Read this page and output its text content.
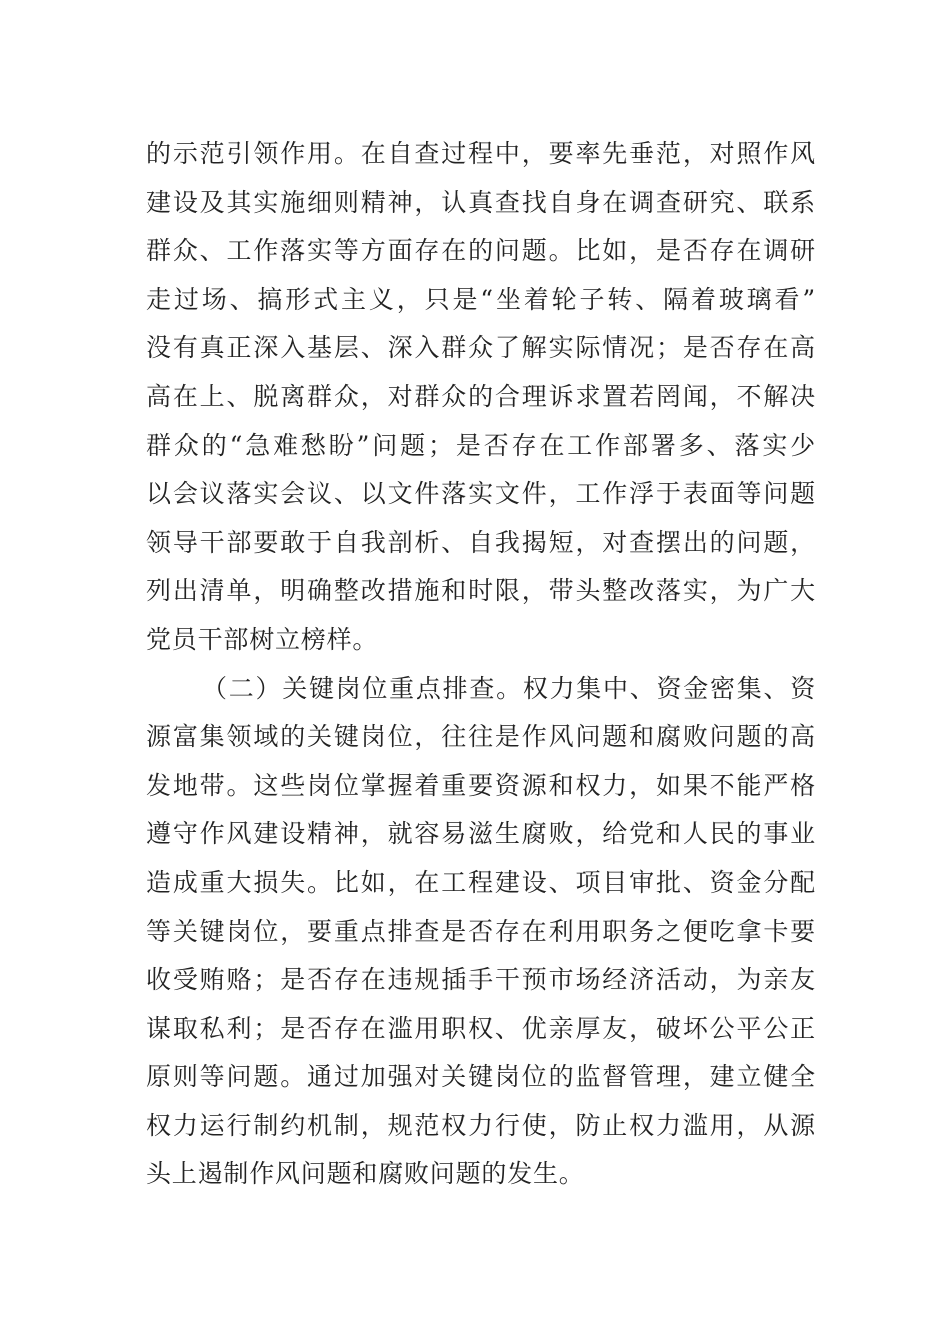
的示范引领作用。在自查过程中，要率先垂范，对照作风
建设及其实施细则精神，认真查找自身在调查研究、联系
群众、工作落实等方面存在的问题。比如，是否存在调研
走过场、搞形式主义，只是“坐着轮子转、隔着玻璃看”
没有真正深入基层、深入群众了解实际情况；是否存在高
高在上、脱离群众，对群众的合理诉求置若罔闻，不解决
群众的“急难愁盼”问题；是否存在工作部署多、落实少
以会议落实会议、以文件落实文件，工作浮于表面等问题
领导干部要敢于自我剖析、自我揭短，对查摆出的问题，
列出清单，明确整改措施和时限，带头整改落实，为广大
党员干部树立榜样。
（二）关键岗位重点排查。权力集中、资金密集、资
源富集领域的关键岗位，往往是作风问题和腐败问题的高
发地带。这些岗位掌握着重要资源和权力，如果不能严格
遵守作风建设精神，就容易滋生腐败，给党和人民的事业
造成重大损失。比如，在工程建设、项目审批、资金分配
等关键岗位，要重点排查是否存在利用职务之便吃拿卡要
收受贿赂；是否存在违规插手干预市场经济活动，为亲友
谋取私利；是否存在滥用职权、优亲厚友，破坏公平公正
原则等问题。通过加强对关键岗位的监督管理，建立健全
权力运行制约机制，规范权力行使，防止权力滥用，从源
头上遏制作风问题和腐败问题的发生。
